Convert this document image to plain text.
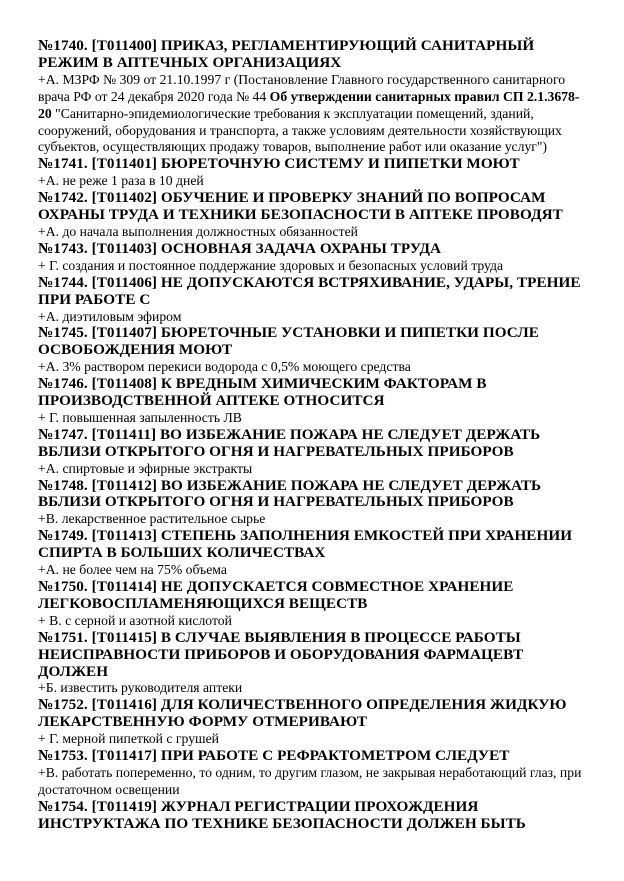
№1740. [Т011400] ПРИКАЗ, РЕГЛАМЕНТИРУЮЩИЙ САНИТАРНЫЙ РЕЖИМ В АПТЕЧНЫХ ОРГАНИЗАЦИЯХ
+А. МЗРФ № 309 от 21.10.1997 г (Постановление Главного государственного санитарного врача РФ от 24 декабря 2020 года № 44 Об утверждении санитарных правил СП 2.1.3678-20 "Санитарно-эпидемиологические требования к эксплуатации помещений, зданий, сооружений, оборудования и транспорта, а также условиям деятельности хозяйствующих субъектов, осуществляющих продажу товаров, выполнение работ или оказание услуг")
№1741. [Т011401] БЮРЕТОЧНУЮ СИСТЕМУ И ПИПЕТКИ МОЮТ
+А. не реже 1 раза в 10 дней
№1742. [Т011402] ОБУЧЕНИЕ И ПРОВЕРКУ ЗНАНИЙ ПО ВОПРОСАМ ОХРАНЫ ТРУДА И ТЕХНИКИ БЕЗОПАСНОСТИ В АПТЕКЕ ПРОВОДЯТ
+А. до начала выполнения должностных обязанностей
№1743. [Т011403] ОСНОВНАЯ ЗАДАЧА ОХРАНЫ ТРУДА
+ Г. создания и постоянное поддержание здоровых и безопасных условий труда
№1744. [Т011406] НЕ ДОПУСКАЮТСЯ ВСТРЯХИВАНИЕ, УДАРЫ, ТРЕНИЕ ПРИ РАБОТЕ С
+А. диэтиловым эфиром
№1745. [Т011407] БЮРЕТОЧНЫЕ УСТАНОВКИ И ПИПЕТКИ ПОСЛЕ ОСВОБОЖДЕНИЯ МОЮТ
+А. 3% раствором перекиси водорода с 0,5% моющего средства
№1746. [Т011408] К ВРЕДНЫМ ХИМИЧЕСКИМ ФАКТОРАМ В ПРОИЗВОДСТВЕННОЙ АПТЕКЕ ОТНОСИТСЯ
+ Г. повышенная запыленность ЛВ
№1747. [Т011411] ВО ИЗБЕЖАНИЕ ПОЖАРА НЕ СЛЕДУЕТ ДЕРЖАТЬ ВБЛИЗИ ОТКРЫТОГО ОГНЯ И НАГРЕВАТЕЛЬНЫХ ПРИБОРОВ
+А. спиртовые и эфирные экстракты
№1748. [Т011412] ВО ИЗБЕЖАНИЕ ПОЖАРА НЕ СЛЕДУЕТ ДЕРЖАТЬ ВБЛИЗИ ОТКРЫТОГО ОГНЯ И НАГРЕВАТЕЛЬНЫХ ПРИБОРОВ
+В. лекарственное растительное сырье
№1749. [Т011413] СТЕПЕНЬ ЗАПОЛНЕНИЯ ЕМКОСТЕЙ ПРИ ХРАНЕНИИ СПИРТА В БОЛЬШИХ КОЛИЧЕСТВАХ
+А. не более чем на 75% объема
№1750. [Т011414] НЕ ДОПУСКАЕТСЯ СОВМЕСТНОЕ ХРАНЕНИЕ ЛЕГКОВОСПЛАМЕНЯЮЩИХСЯ ВЕЩЕСТВ
+ В. с серной и азотной кислотой
№1751. [Т011415] В СЛУЧАЕ ВЫЯВЛЕНИЯ В ПРОЦЕССЕ РАБОТЫ НЕИСПРАВНОСТИ ПРИБОРОВ И ОБОРУДОВАНИЯ ФАРМАЦЕВТ ДОЛЖЕН
+Б. известить руководителя аптеки
№1752. [Т011416] ДЛЯ КОЛИЧЕСТВЕННОГО ОПРЕДЕЛЕНИЯ ЖИДКУЮ ЛЕКАРСТВЕННУЮ ФОРМУ ОТМЕРИВАЮТ
+ Г. мерной пипеткой с грушей
№1753. [Т011417] ПРИ РАБОТЕ С РЕФРАКТОМЕТРОМ СЛЕДУЕТ
+В. работать попеременно, то одним, то другим глазом, не закрывая неработающий глаз, при достаточном освещении
№1754. [Т011419] ЖУРНАЛ РЕГИСТРАЦИИ ПРОХОЖДЕНИЯ ИНСТРУКТАЖА ПО ТЕХНИКЕ БЕЗОПАСНОСТИ ДОЛЖЕН БЫТЬ
